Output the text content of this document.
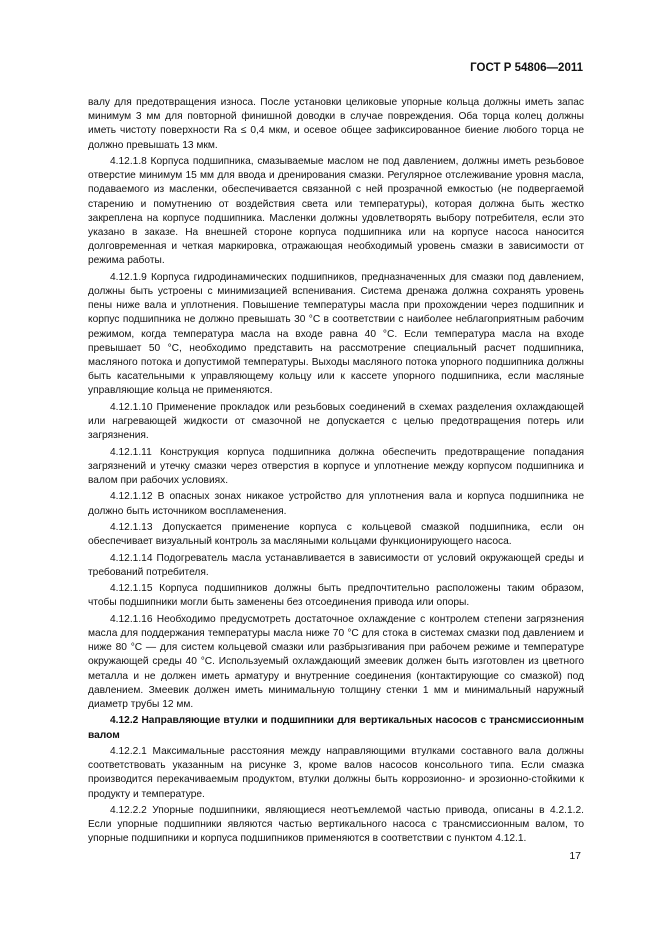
ГОСТ Р 54806—2011

валу для предотвращения износа. После установки целиковые упорные кольца должны иметь запас минимум 3 мм для повторной финишной доводки в случае повреждения. Оба торца колец должны иметь чистоту поверхности Ra ≤ 0,4 мкм, и осевое общее зафиксированное биение любого торца не должно превышать 13 мкм.

4.12.1.8 Корпуса подшипника, смазываемые маслом не под давлением, должны иметь резьбовое отверстие минимум 15 мм для ввода и дренирования смазки. Регулярное отслеживание уровня масла, подаваемого из масленки, обеспечивается связанной с ней прозрачной емкостью (не подвергаемой старению и помутнению от воздействия света или температуры), которая должна быть жестко закреплена на корпусе подшипника. Масленки должны удовлетворять выбору потребителя, если это указано в заказе. На внешней стороне корпуса подшипника или на корпусе насоса наносится долговременная и четкая маркировка, отражающая необходимый уровень смазки в зависимости от режима работы.

4.12.1.9 Корпуса гидродинамических подшипников, предназначенных для смазки под давлением, должны быть устроены с минимизацией вспенивания. Система дренажа должна сохранять уровень пены ниже вала и уплотнения. Повышение температуры масла при прохождении через подшипник и корпус подшипника не должно превышать 30 °С в соответствии с наиболее неблагоприятным рабочим режимом, когда температура масла на входе равна 40 °С. Если температура масла на входе превышает 50 °С, необходимо представить на рассмотрение специальный расчет подшипника, масляного потока и допустимой температуры. Выходы масляного потока упорного подшипника должны быть касательными к управляющему кольцу или к кассете упорного подшипника, если масляные управляющие кольца не применяются.

4.12.1.10 Применение прокладок или резьбовых соединений в схемах разделения охлаждающей или нагревающей жидкости от смазочной не допускается с целью предотвращения потерь или загрязнения.

4.12.1.11 Конструкция корпуса подшипника должна обеспечить предотвращение попадания загрязнений и утечку смазки через отверстия в корпусе и уплотнение между корпусом подшипника и валом при рабочих условиях.

4.12.1.12 В опасных зонах никакое устройство для уплотнения вала и корпуса подшипника не должно быть источником воспламенения.

4.12.1.13 Допускается применение корпуса с кольцевой смазкой подшипника, если он обеспечивает визуальный контроль за масляными кольцами функционирующего насоса.

4.12.1.14 Подогреватель масла устанавливается в зависимости от условий окружающей среды и требований потребителя.

4.12.1.15 Корпуса подшипников должны быть предпочтительно расположены таким образом, чтобы подшипники могли быть заменены без отсоединения привода или опоры.

4.12.1.16 Необходимо предусмотреть достаточное охлаждение с контролем степени загрязнения масла для поддержания температуры масла ниже 70 °С для стока в системах смазки под давлением и ниже 80 °С — для систем кольцевой смазки или разбрызгивания при рабочем режиме и температуре окружающей среды 40 °С. Используемый охлаждающий змеевик должен быть изготовлен из цветного металла и не должен иметь арматуру и внутренние соединения (контактирующие со смазкой) под давлением. Змеевик должен иметь минимальную толщину стенки 1 мм и минимальный наружный диаметр трубы 12 мм.

4.12.2 Направляющие втулки и подшипники для вертикальных насосов с трансмиссионным валом

4.12.2.1 Максимальные расстояния между направляющими втулками составного вала должны соответствовать указанным на рисунке 3, кроме валов насосов консольного типа. Если смазка производится перекачиваемым продуктом, втулки должны быть коррозионно- и эрозионно-стойкими к продукту и температуре.

4.12.2.2 Упорные подшипники, являющиеся неотъемлемой частью привода, описаны в 4.2.1.2. Если упорные подшипники являются частью вертикального насоса с трансмиссионным валом, то упорные подшипники и корпуса подшипников применяются в соответствии с пунктом 4.12.1.

17
